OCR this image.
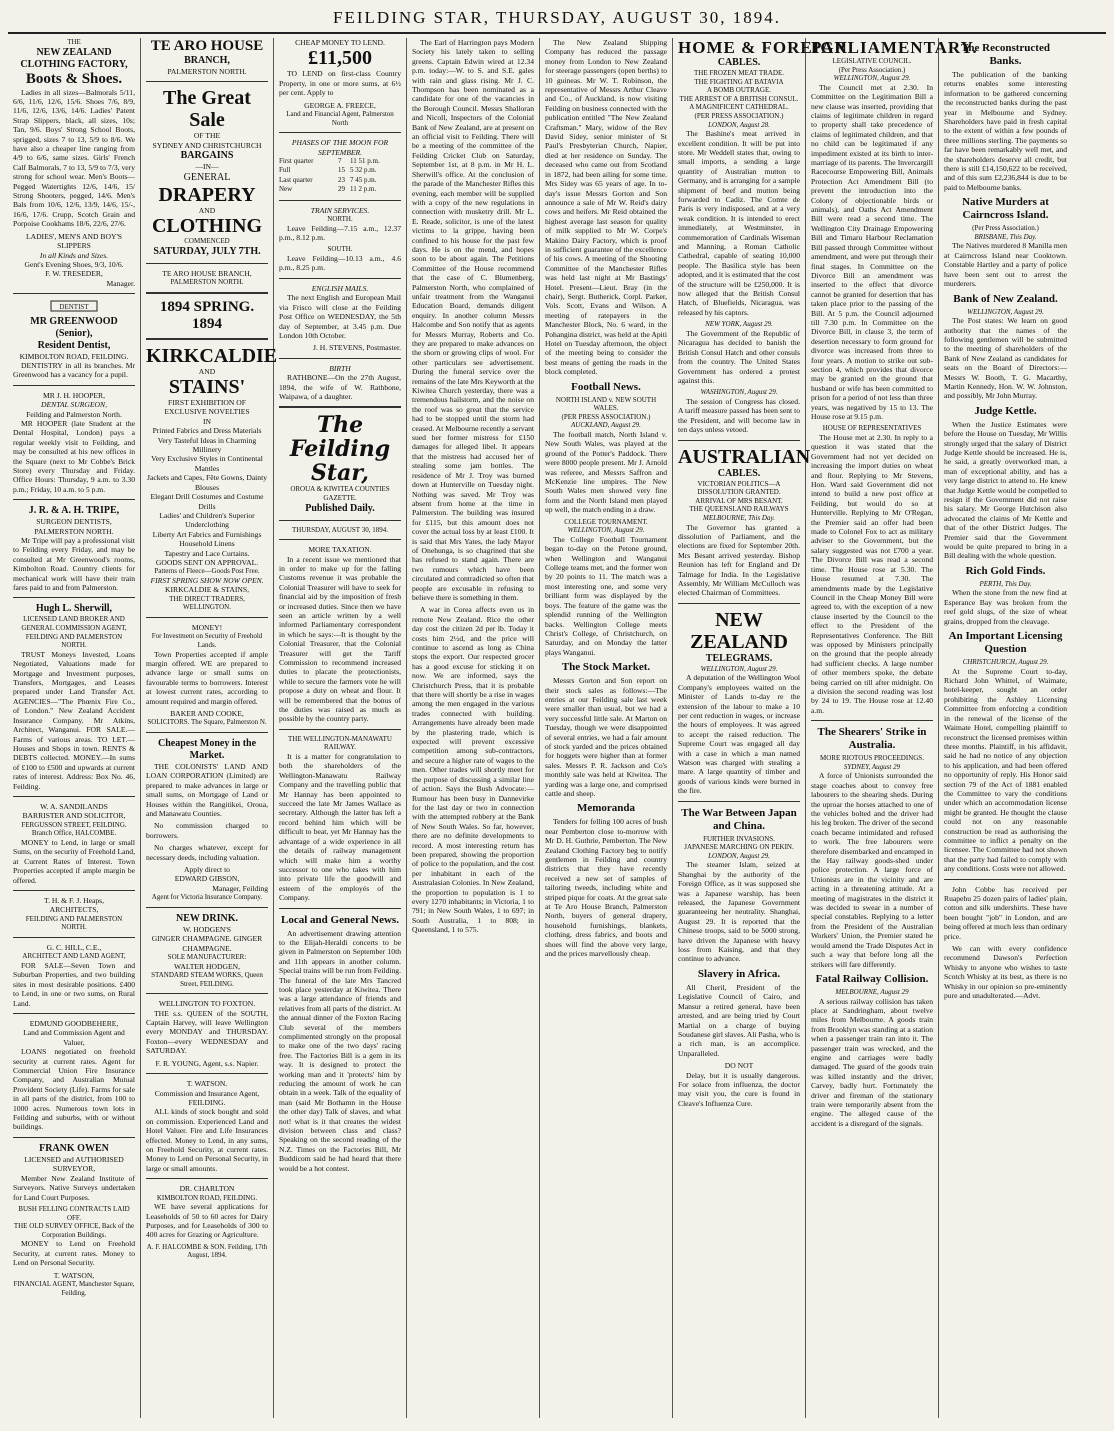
FEILDING STAR, THURSDAY, AUGUST 30, 1894.
THE
NEW ZEALAND CLOTHING FACTORY,
Boots & Shoes.
Ladies in all sizes—Balmorals 5/11, 6/6, 11/6, 12/6, 15/6. Shoes 7/6, 8/9, 11/6, 12/6, 13/6, 14/6. Ladies' Patent Strap Slippers, black, all sizes, 10s; Tan, 9/6. Boys' Strong School Boots, sprigged, sizes 7 to 13, 5/9 to 8/6. We have also a cheaper line ranging from 4/9 to 6/6, same sizes. Girls' French Calf Balmorals, 7 to 13, 5/9 to 7/3, very strong for school wear. Men's Boots—Pegged Watertights 12/6, 14/6, 15/ Strong Shooters, pegged, 14/6. Men's Bals from 10/6, 12/6, 13/9, 14/6, 15/-, 16/6, 17/6. Crupp, Scotch Grain and Porpoise Cookhams 18/6, 22/6, 27/6.
LADIES', MEN'S AND BOY'S SLIPPERS
In all Kinds and Sizes.
Gent's Evening Shoes, 9/3, 10/6.
F. W. TRESEDER,
Manager.
DENTIST
MR GREENWOOD (Senior),
Resident Dentist,
KIMBOLTON ROAD, FEILDING.
DENTISTRY in all its branches. Mr Greenwood has a vacancy for a pupil.
MR J. H. HOOPER,
DENTAL SURGEON,
Feilding and Palmerston North.
MR HOOPER (late Student at the Dental Hospital, London) pays a regular weekly visit to Feilding, and may be consulted at his new offices in the Square (next to Mr Cobbe's Brick Store) every Thursday and Friday. Office Hours: Thursday, 9 a.m. to 3.30 p.m.; Friday, 10 a.m. to 5 p.m.
J. R. & A. H. TRIPE,
SURGEON DENTISTS,
PALMERSTON NORTH.
Mr Tripe will pay a professional visit to Feilding every Friday, and may be consulted at Mr Greenwood's rooms, Kimbolton Road. Country clients for mechanical work will have their train fares paid to and from Palmerston.
Hugh L. Sherwill,
LICENSED LAND BROKER AND GENERAL COMMISSION AGENT, FEILDING AND PALMERSTON NORTH.
TRUST Moneys Invested, Loans Negotiated, Valuations made for Mortgage and Investment purposes, Transfers, Mortgages, and Leases prepared under Land Transfer Act. AGENCIES—"The Phœnix Fire Co., of London." New Zealand Accident Insurance Company. Mr Atkins, Architect, Wanganui. FOR SALE.—Farms of various areas. TO LET.—Houses and Shops in town. RENTS & DEBTS collected. MONEY.—In sums of £100 to £500 and upwards at current rates of interest. Address: Box No. 46, Feilding.
W. A. SANDILANDS
BARRISTER AND SOLICITOR,
FERGUSSON STREET, FEILDING. Branch Office, HALCOMBE.
MONEY to Lend, in large or small Sums, on the security of Freehold Land, at Current Rates of Interest. Town Properties accepted if ample margin be offered.
T. H. & F. J. Heaps,
ARCHITECTS,
FEILDING AND PALMERSTON NORTH.
G. C. HILL, C.E.,
ARCHITECT AND LAND AGENT,
FOR SALE—Seven Town and Suburban Properties, and two building sites in most desirable positions. £400 to Lend, in one or two sums, on Rural Land.
EDMUND GOODBEHERE,
Land and Commission Agent and Valuer,
LOANS negotiated on freehold security at current rates. Agent for Commercial Union Fire Insurance Company, and Australian Mutual Provident Society (Life). Farms for sale in all parts of the district, from 100 to 1000 acres. Numerous town lots in Feilding and suburbs, with or without buildings.
FRANK OWEN
LICENSED and AUTHORISED SURVEYOR,
Member New Zealand Institute of Surveyors. Native Surveys undertaken for Land Court Purposes.
BUSH FELLING CONTRACTS LAID OFF.
THE OLD SURVEY OFFICE, Back of the Corporation Buildings.
MONEY to Lend on Freehold Security, at current rates. Money to Lend on Personal Security.
T. WATSON,
FINANCIAL AGENT, Manchester Square, Feilding.
TE ARO HOUSE
BRANCH,
PALMERSTON NORTH.
The Great Sale
OF THE
SYDNEY AND CHRISTCHURCH
BARGAINS
—IN—
GENERAL
DRAPERY
AND
CLOTHING
COMMENCED
SATURDAY, JULY 7TH.
TE ARO HOUSE BRANCH,
PALMERSTON NORTH.
1894 SPRING. 1894
KIRKCALDIE
AND
STAINS'
FIRST EXHIBITION OF
EXCLUSIVE NOVELTIES
IN
Printed Fabrics and Dress Materials
Very Tasteful Ideas in Charming Millinery
Very Exclusive Styles in Continental Mantles
Jackets and Capes, Fête Gowns, Dainty Blouses
Elegant Drill Costumes and Costume Drills
Ladies' and Children's Superior Underclothing
Liberty Art Fabrics and Furnishings Household Linens
Tapestry and Lace Curtains.
GOODS SENT ON APPROVAL.
Patterns of Fleece—Goods Post Free.
FIRST SPRING SHOW NOW OPEN.
KIRKCALDIE & STAINS,
THE DIRECT TRADERS,
WELLINGTON.
MONEY!
For Investment on Security of Freehold Lands.
Town Properties accepted if ample margin offered. WE are prepared to advance large or small sums on favourable terms to borrowers. Interest at lowest current rates, according to amount required and margin offered.
BAKER AND COOKE,
SOLICITORS. The Square, Palmerston N.
Cheapest Money in the Market.
THE COLONISTS' LAND AND LOAN CORPORATION (Limited) are prepared to make advances in large or small sums, on Mortgage of Land or Houses within the Rangitikei, Oroua, and Manawatu Counties.
No commission charged to borrowers.
No charges whatever, except for necessary deeds, including valuation.
Apply direct to
EDWARD GIBSON,
Manager, Feilding
Agent for Victoria Insurance Company.
NEW DRINK.
W. HODGEN'S
GINGER CHAMPAGNE. GINGER CHAMPAGNE.
SOLE MANUFACTURER:
WALTER HODGEN,
STANDARD STEAM WORKS, Queen Street, FEILDING.
WELLINGTON TO FOXTON.
THE s.s. QUEEN of the SOUTH, Captain Harvey, will leave Wellington every MONDAY and THURSDAY. Foxton—every WEDNESDAY and SATURDAY.
F. R. YOUNG, Agent, s.s. Napier.
T. WATSON.
Commission and Insurance Agent, FEILDING.
ALL kinds of stock bought and sold on commission. Experienced Land and Hotel Valuer. Fire and Life Insurances effected. Money to Lend, in any sums, on Freehold Security, at current rates. Money to Lend on Personal Security, in large or small amounts.
DR. CHARLTON
KIMBOLTON ROAD, FEILDING.
WE have several applications for Leaseholds of 50 to 60 acres for Dairy Purposes, and for Leaseholds of 300 to 400 acres for Grazing or Agriculture.
A. F. HALCOMBE & SON. Feilding, 17th August, 1894.
CHEAP MONEY TO LEND.
£11,500
TO LEND on first-class Country Property, in one or more sums, at 6½ per cent. Apply to
GEORGE A. FREECE,
Land and Financial Agent, Palmerston North
PHASES OF THE MOON FOR SEPTEMBER.
First quarter	7	11 51 p.m.
Full	15	5 32 p.m.
Last quarter	23	7 45 p.m.
New	29	11 2 p.m.
TRAIN SERVICES.
NORTH.
Leave Feilding—7.15 a.m., 12.37 p.m., 8.12 p.m.
SOUTH.
Leave Feilding—10.13 a.m., 4.6 p.m., 8.25 p.m.
ENGLISH MAILS.
The next English and European Mail via Frisco will close at the Feilding Post Office on WEDNESDAY, the 5th day of September, at 3.45 p.m. Due London 10th October.
J. H. STEVENS, Postmaster.
BIRTH
RATHBONE—On the 27th August, 1894, the wife of W. Rathbone, Waipawa, of a daughter.
The Feilding Star,
OROUA & KIWITEA COUNTIES GAZETTE.
Published Daily.
THURSDAY, AUGUST 30, 1894.
MORE TAXATION.
In a recent issue we mentioned that in order to make up for the falling Customs revenue it was probable the Colonial Treasurer will have to seek for financial aid by the imposition of fresh or increased duties. Since then we have seen an article written by a well informed Parliamentary correspondent in which he says:—It is thought by the Colonial Treasurer, that the Colonial Treasurer will get the Tariff Commission to recommend increased duties to placate the protectionists, while to secure the farmers vote he will propose a duty on wheat and flour. It will be remembered that the bonus of the duties was raised as much as possible by the country party.
THE WELLINGTON-MANAWATU RAILWAY.
It is a matter for congratulation to both the shareholders of the Wellington-Manawatu Railway Company and the travelling public that Mr Hannay has been appointed to succeed the late Mr James Wallace as secretary. Although the latter has left a record behind him which will be difficult to beat, yet Mr Hannay has the advantage of a wide experience in all the details of railway management which will make him a worthy successor to one who takes with him into private life the goodwill and esteem of the employés of the Company.
Local and General News.
An advertisement drawing attention to the Elijah-Heraldi concerts to be given in Palmerston on September 10th and 11th appears in another column. Special trains will be run from Feilding. The funeral of the late Mrs Tancred took place yesterday at Kiwitea. There was a large attendance of friends and relatives from all parts of the district. At the annual dinner of the Foxton Racing Club several of the members complimented strongly on the proposal to make one of the two days' racing free. The Factories Bill is a gem in its way. It is designed to protect the working man and it 'protects' him by reducing the amount of work he can obtain in a week. Talk of the equality of man (said Mr Bothamn in the House the other day) Talk of slaves, and what not! what is it that creates the widest division between class and class? Speaking on the second reading of the N.Z. Times on the Factories Bill, Mr Buddicom said he had heard that there would be a hot contest.
The Earl of Harrington pays Modern Society his lately taken to selling greens. Captain Edwin wired at 12.34 p.m. today:—W. to S. and S.E. gales with rain and glass rising. Mr J. C. Thompson has been nominated as a candidate for one of the vacancies in the Borough Council. Messrs Shalloran and Nicoll, Inspectors of the Colonial Bank of New Zealand, are at present on an official visit to Feilding. There will be a meeting of the committee of the Feilding Cricket Club on Saturday, September 1st, at 8 p.m. in Mr H. L. Sherwill's office. At the conclusion of the parade of the Manchester Rifles this evening, each member will be supplied with a copy of the new regulations in connection with musketry drill. Mr L. E. Reade, solicitor, is one of the latest victims to la grippe, having been confined to his house for the past few days. He is on the mend, and hopes soon to be about again. The Petitions Committee of the House recommend that the case of C. Blumenberg, Palmerston North, who complained of unfair treatment from the Wanganui Education Board, demands diligent enquiry. In another column Messrs Halcombe and Son notify that as agents for Messrs Murray, Roberts and Co. they are prepared to make advances on the shorn or growing clips of wool. For other particulars see advertisement. During the funeral service over the remains of the late Mrs Keyworth at the Kiwitea Church yesterday, there was a tremendous hailstorm, and the noise on the roof was so great that the service had to be stopped until the storm had ceased. At Melbourne recently a servant sued her former mistress for £150 damages for alleged libel. It appears that the mistress had accused her of stealing some jam bottles. The residence of Mr J. Troy was burned down at Hunterville on Tuesday night. Nothing was saved. Mr Troy was absent from home at the time in Palmerston. The building was insured for £115, but this amount does not cover the actual loss by at least £100. It is said that Mrs Yates, the lady Mayor of Onehunga, is so chagrined that she has refused to stand again. There are two rumours which have been circulated and contradicted so often that people are excusable in refusing to believe there is something in them.
A war in Corea affects even us in remote New Zealand. Rice the other day cost the citizen 2d per lb. Today it costs him 2½d, and the price will continue to ascend as long as China stops the export. Our respected grocer has a good excuse for sticking it on now. We are informed, says the Christchurch Press, that it is probable that there will shortly be a rise in wages among the men engaged in the various trades connected with building. Arrangements have already been made by the plastering trade, which is expected will prevent excessive competition among sub-contractors, and secure a higher rate of wages to the men. Other trades will shortly meet for the purpose of discussing a similar line of action. Says the Bush Advocate:—Rumour has been busy in Dannevirke for the last day or two in connection with the attempted robbery at the Bank of New South Wales. So far, however, there are no definite developments to record. A most interesting return has been prepared, showing the proportion of police to the population, and the cost per inhabitant in each of the Australasian Colonies. In New Zealand, the proportion to population is 1 to every 1270 inhabitants; in Victoria, 1 to 791; in New South Wales, 1 to 697; in South Australia, 1 to 808; in Queensland, 1 to 575.
The New Zealand Shipping Company has reduced the passage money from London to New Zealand for steerage passengers (open berths) to 10 guineas. Mr W. T. Robinson, the representative of Messrs Arthur Cleave and Co., of Auckland, is now visiting Feilding on business connected with the publication entitled "The New Zealand Craftsman." Mary, widow of the Rev David Sidey, senior minister of St Paul's Presbyterian Church, Napier, died at her residence on Sunday. The deceased who came out from Scotland in 1872, had been ailing for some time. Mrs Sidey was 65 years of age. In to-day's issue Messrs Gorton and Son announce a sale of Mr W. Reid's dairy cows and heifers. Mr Reid obtained the highest average last season for quality of milk supplied to Mr W. Corpe's Makino Dairy Factory, which is proof in sufficient guarantee of the excellence of his cows. A meeting of the Shooting Committee of the Manchester Rifles was held last night at Mr Bastings' Hotel. Present—Lieut. Bray (in the chair), Sergt. Butherick, Corpl. Parker, Vols. Scott, Evans and Wilson. A meeting of ratepayers in the Manchester Block, No. 6 ward, in the Pohangina district, was held at the Apiti Hotel on Tuesday afternoon, the object of the meeting being to consider the best means of getting the roads in the block completed.
Football News.
NORTH ISLAND v. NEW SOUTH WALES.
(PER PRESS ASSOCIATION.)
AUCKLAND, August 29.
The football match, North Island v. New South Wales, was played at the ground of the Potter's Paddock. There were 8000 people present. Mr J. Arnold was referee, and Messrs Saffron and McKenzie line umpires. The New South Wales men showed very fine form and the North Island men played up well, the match ending in a draw.
COLLEGE TOURNAMENT.
WELLINGTON, August 29.
The College Football Tournament began to-day on the Petone ground, when Wellington and Wanganui College teams met, and the former won by 20 points to 11. The match was a most interesting one, and some very brilliant form was displayed by the boys. The feature of the game was the splendid running of the Wellington backs. Wellington College meets Christ's College, of Christchurch, on Saturday, and on Monday the latter plays Wanganui.
The Stock Market.
Messrs Gorton and Son report on their stock sales as follows:—The entries at our Feilding sale last week were smaller than usual, but we had a very successful little sale. At Marton on Tuesday, though we were disappointed of several entries, we had a fair amount of stock yarded and the prices obtained for hoggets were higher than at former sales. Messrs P. R. Jackson and Co's monthly sale was held at Kiwitea. The yarding was a large one, and comprised cattle and sheep.
Memoranda
Tenders for felling 100 acres of bush near Pemberton close to-morrow with Mr D. H. Guthrie, Pemberton. The New Zealand Clothing Factory beg to notify gentlemen in Feilding and country districts that they have recently received a new set of samples of tailoring tweeds, including white and striped pique for coats. At the great sale at Te Aro House Branch, Palmerston North, buyers of general drapery, household furnishings, blankets, clothing, dress fabrics, and boots and shoes will find the above very large, and the prices marvellously cheap.
HOME & FOREIGN
CABLES.
THE FROZEN MEAT TRADE.
THE FIGHTING AT BATAVIA
A BOMB OUTRAGE.
THE ARREST OF A BRITISH CONSUL.
A MAGNIFICENT CATHEDRAL.
(PER PRESS ASSOCIATION.)
LONDON, August 28.
The Bashine's meat arrived in excellent condition. It will be put into store. Mr Weddell states that, owing to small imports, a sending a large quantity of Australian mutton to Germany, and is arranging for a sample shipment of beef and mutton being forwarded to Cadiz. The Comte de Paris is very indisposed, and at a very weak condition. It is intended to erect immediately, at Westminster, in commemoration of Cardinals Wiseman and Manning, a Roman Catholic Cathedral, capable of seating 10,000 people. The Basilica style has been adopted, and it is estimated that the cost of the structure will be £250,000. It is now alleged that the British Consul Hatch, of Bluefields, Nicaragua, was released by his captors.
NEW YORK, August 29.
The Government of the Republic of Nicaragua has decided to banish the British Consul Hatch and other consuls from the country. The United States Government has ordered a protest against this.
WASHINGTON, August 29.
The session of Congress has closed. A tariff measure passed has been sent to the President, and will become law in ten days unless vetoed.
AUSTRALIAN
CABLES.
VICTORIAN POLITICS—A DISSOLUTION GRANTED.
ARRIVAL OF MRS BESANT.
THE QUEENSLAND RAILWAYS
MELBOURNE, This Day.
The Governor has granted a dissolution of Parliament, and the elections are fixed for September 20th. Mrs Besant arrived yesterday. Bishop Reunion has left for England and Dr Talmage for India. In the Legislative Assembly, Mr William McCulloch was elected Chairman of Committees.
NEW ZEALAND
TELEGRAMS.
WELLINGTON, August 29.
A deputation of the Wellington Wool Company's employees waited on the Minister of Lands to-day re the extension of the labour to make a 10 per cent reduction in wages, or increase the hours of employees. It was agreed to accept the raised reduction. The Supreme Court was engaged all day with a case in which a man named Watson was charged with stealing a mare. A large quantity of timber and goods of various kinds were burned in the fire.
The War Between Japan and China.
FURTHER INVASIONS.
JAPANESE MARCHING ON PEKIN.
LONDON, August 29.
The steamer Islam, seized at Shanghai by the authority of the Foreign Office, as it was supposed she was a Japanese warship, has been released, the Japanese Government guaranteeing her neutrality. Shanghai, August 29. It is reported that the Chinese troops, said to be 5000 strong, have driven the Japanese with heavy loss from Kaising, and that they continue to advance.
Slavery in Africa.
All Cheril, President of the Legislative Council of Cairo, and Mansur a retired general, have been arrested, and are being tried by Court Martial on a charge of buying Soudanese girl slaves. Ali Pasha, who is a rich man, is an accomplice. Unparalleled.
DO NOT
Delay, but it is usually dangerous. For solace from influenza, the doctor may visit you, the cure is found in Cleave's Influenza Cure.
PARLIAMENTARY.
LEGISLATIVE COUNCIL.
(Per Press Association.)
WELLINGTON, August 29.
The Council met at 2.30. In Committee on the Legitimation Bill a new clause was inserted, providing that claims of legitimate children in regard to property shall take precedence of claims of legitimated children, and that no child can be legitimated if any impediment existed at its birth to inter-marriage of its parents. The Invercargill Racecourse Empowering Bill, Animals Protection Act Amendment Bill (to prevent the introduction into the Colony of objectionable birds or animals), and Oaths Act Amendment Bill were read a second time. The Wellington City Drainage Empowering Bill and Timaru Harbour Reclamation Bill passed through Committee without amendment, and were put through their final stages. In Committee on the Divorce Bill an amendment was inserted to the effect that divorce cannot be granted for desertion that has taken place prior to the passing of the Bill. At 5 p.m. the Council adjourned till 7.30 p.m. In Committee on the Divorce Bill, in clause 3, the term of desertion necessary to form ground for divorce was increased from three to four years. A motion to strike out sub-section 4, which provides that divorce may be granted on the ground that husband or wife has been committed to prison for a period of not less than three years, was negatived by 15 to 13. The House rose at 9.15 p.m.
HOUSE OF REPRESENTATIVES
The House met at 2.30. In reply to a question it was stated that the Government had not yet decided on increasing the import duties on wheat and flour. Replying to Mr Stevens, Hon. Ward said Government did not intend to build a new post office at Feilding, but would do so at Hunterville. Replying to Mr O'Regan, the Premier said an offer had been made to Colonel Fox to act as military adviser to the Government, but the salary suggested was not £700 a year. The Divorce Bill was read a second time. The House rose at 5.30. The House resumed at 7.30. The amendments made by the Legislative Council in the Cheap Money Bill were agreed to, with the exception of a new clause inserted by the Council to the effect to the President of the Representatives Conference. The Bill was opposed by Ministers principally on the ground that the people already had sufficient checks. A large number of other members spoke, the debate being carried on till after midnight. On a division the second reading was lost by 24 to 19. The House rose at 12.40 a.m.
The Shearers' Strike in Australia.
MORE RIOTOUS PROCEEDINGS.
SYDNEY, August 29
A force of Unionists surrounded the stage coaches about to convey free labourers to the shearing sheds. During the uproar the horses attached to one of the vehicles bolted and the driver had his leg broken. The driver of the second coach became intimidated and refused to work. The free labourers were therefore disembarked and encamped in the Hay railway goods-shed under police protection. A large force of Unionists are in the vicinity and are acting in a threatening attitude. At a meeting of magistrates in the district it was decided to swear in a number of special constables. Replying to a letter from the President of the Australian Workers' Union, the Premier stated he would amend the Trade Disputes Act in such a way that before long all the strikers will fare differently.
Fatal Railway Collision.
MELBOURNE, August 29
A serious railway collision has taken place at Sandringham, about twelve miles from Melbourne. A goods train from Brooklyn was standing at a station when a passenger train ran into it. The passenger train was wrecked, and the engine and carriages were badly damaged. The guard of the goods train was killed instantly and the driver, Carvey, badly hurt. Fortunately the driver and fireman of the stationary train were temporarily absent from the engine. The alleged cause of the accident is a disregard of the signals.
The Reconstructed Banks.
The publication of the banking returns enables some interesting information to be gathered concerning the reconstructed banks during the past year in Melbourne and Sydney. Shareholders have paid in fresh capital to the extent of within a few pounds of three millions sterling. The payments so far have been remarkably well met, and the shareholders deserve all credit, but there is still £14,150,622 to be received, and of this sum £2,236,844 is due to be paid to Melbourne banks.
Native Murders at Cairncross Island.
(Per Press Association.)
BRISBANE, This Day.
The Natives murdered 8 Manilla men at Cairncross Island near Cooktown. Constable Hartley and a party of police have been sent out to arrest the murderers.
Bank of New Zealand.
WELLINGTON, August 29.
The Post states: We learn on good authority that the names of the following gentlemen will be submitted to the meeting of shareholders of the Bank of New Zealand as candidates for seats on the Board of Directors:—Messrs W. Booth, T. G. Macarthy, Martin Kennedy, Hon. W. W. Johnston, and possibly, Mr John Murray.
Judge Kettle.
When the Justice Estimates were before the House on Tuesday, Mr Willis strongly urged that the salary of District Judge Kettle should be increased. He is, he said, a greatly overworked man, a man of exceptional ability, and has a very large district to attend to. He knew that Judge Kettle would be compelled to resign if the Government did not raise his salary. Mr George Hutchison also advocated the claims of Mr Kettle and that of the other District Judges. The Premier said that the Government would be quite prepared to bring in a Bill dealing with the whole question.
Rich Gold Finds.
PERTH, This Day.
When the stone from the new find at Esperance Bay was broken from the reef gold slugs, of the size of wheat grains, dropped from the cleavage.
An Important Licensing Question
CHRISTCHURCH, August 29.
At the Supreme Court to-day, Richard John Whittel, of Waimate, hotel-keeper, sought an order prohibiting the Ashley Licensing Committee from enforcing a condition in the renewal of the license of the Waimate Hotel, compelling plaintiff to reconstruct the licensed premises within three months. Plaintiff, in his affidavit, said he had no notice of any objection to his application, and had been offered no opportunity of reply. His Honor said section 79 of the Act of 1881 enabled the Committee to vary the conditions under which an accommodation license might be granted. He thought the clause could not on any reasonable construction be read as authorising the committee to inflict a penalty on the licensee. The Committee had not shown that the party had failed to comply with any conditions. Costs were not allowed.
John Cobbe has received per Ruapehu 25 dozen pairs of ladies' plain, cotton and silk undershirts. These have been bought "job" in London, and are being offered at much less than ordinary price.
We can with every confidence recommend Dawson's Perfection Whisky to anyone who wishes to taste Scotch Whisky at its best, as there is no Whisky in our opinion so pre-eminently pure and unadulterated.—Advt.
